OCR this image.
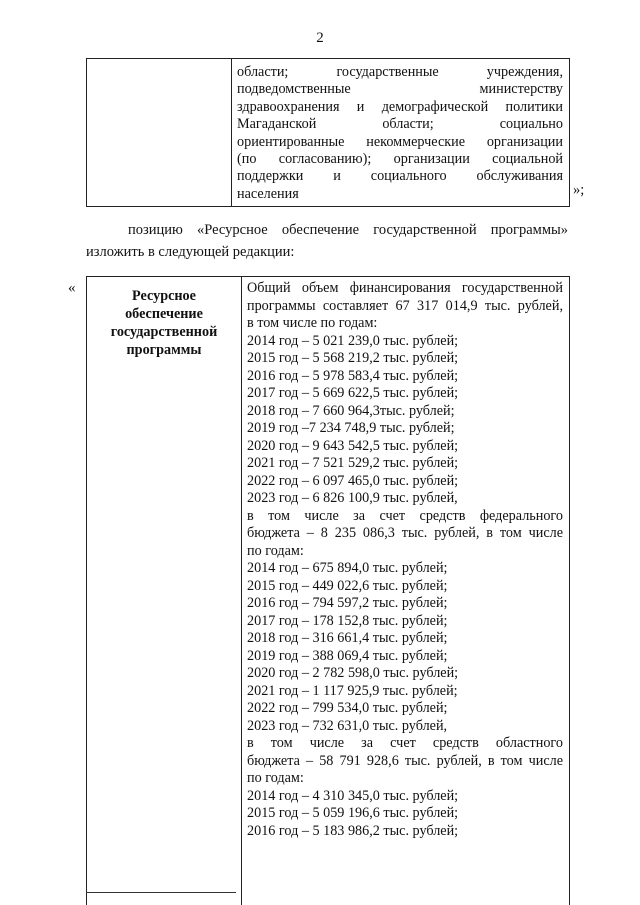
2
области; государственные учреждения,
подведомственные министерству
здравоохранения и демографической политики
Магаданской области; социально
ориентированные некоммерческие организации
(по согласованию); организации социальной
поддержки и социального обслуживания
населения	»;
позицию «Ресурсное обеспечение государственной программы»
изложить в следующей редакции:
«	Ресурсное
обеспечение
государственной
программы
Общий объем финансирования государственной
программы составляет 67 317 014,9 тыс. рублей,
в том числе по годам:
2014 год – 5 021 239,0 тыс. рублей;
2015 год – 5 568 219,2 тыс. рублей;
2016 год – 5 978 583,4 тыс. рублей;
2017 год – 5 669 622,5 тыс. рублей;
2018 год – 7 660 964,3тыс. рублей;
2019 год –7 234 748,9 тыс. рублей;
2020 год – 9 643 542,5 тыс. рублей;
2021 год – 7 521 529,2 тыс. рублей;
2022 год – 6 097 465,0 тыс. рублей;
2023 год – 6 826 100,9 тыс. рублей,
в том числе за счет средств федерального
бюджета – 8 235 086,3 тыс. рублей, в том числе
по годам:
2014 год – 675 894,0 тыс. рублей;
2015 год – 449 022,6 тыс. рублей;
2016 год – 794 597,2 тыс. рублей;
2017 год – 178 152,8 тыс. рублей;
2018 год – 316 661,4 тыс. рублей;
2019 год – 388 069,4 тыс. рублей;
2020 год – 2 782 598,0 тыс. рублей;
2021 год – 1 117 925,9 тыс. рублей;
2022 год – 799 534,0 тыс. рублей;
2023 год – 732 631,0 тыс. рублей,
в том числе за счет средств областного
бюджета – 58 791 928,6 тыс. рублей, в том числе
по годам:
2014 год – 4 310 345,0 тыс. рублей;
2015 год – 5 059 196,6 тыс. рублей;
2016 год – 5 183 986,2 тыс. рублей;
